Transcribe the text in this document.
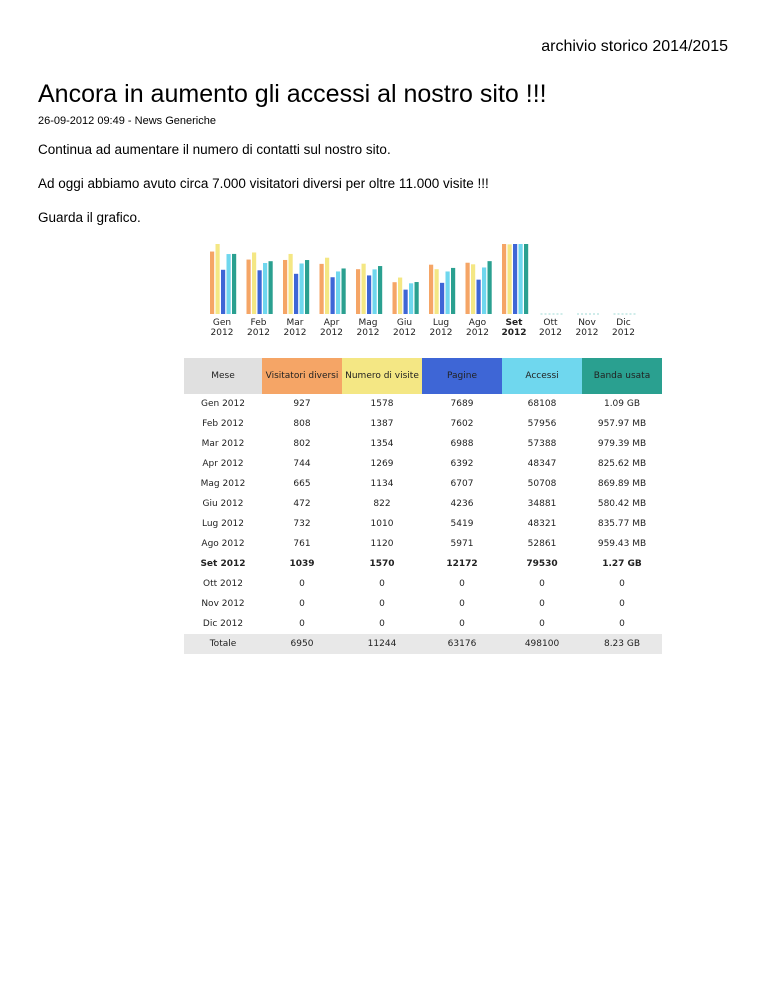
archivio storico 2014/2015
Ancora in aumento gli accessi al nostro sito !!!
26-09-2012 09:49 - News Generiche

Continua ad aumentare il numero di contatti sul nostro sito.

Ad oggi abbiamo avuto circa 7.000 visitatori diversi per oltre 11.000 visite !!!

Guarda il grafico.

Gen
2012
Feb
2012
Mar
2012
Apr
2012
Mag
2012
Giu
2012
Lug
2012
Ago
2012
Set
2012
Ott
2012
Nov
2012
Dic
2012
Mese	Visitatori diversi	Numero di visite	Pagine	Accessi	Banda usata
Gen 2012	927	1578	7689	68108	1.09 GB
Feb 2012	808	1387	7602	57956	957.97 MB
Mar 2012	802	1354	6988	57388	979.39 MB
Apr 2012	744	1269	6392	48347	825.62 MB
Mag 2012	665	1134	6707	50708	869.89 MB
Giu 2012	472	822	4236	34881	580.42 MB
Lug 2012	732	1010	5419	48321	835.77 MB
Ago 2012	761	1120	5971	52861	959.43 MB
Set 2012	1039	1570	12172	79530	1.27 GB
Ott 2012	0	0	0	0	0
Nov 2012	0	0	0	0	0
Dic 2012	0	0	0	0	0
Totale	6950	11244	63176	498100	8.23 GB
